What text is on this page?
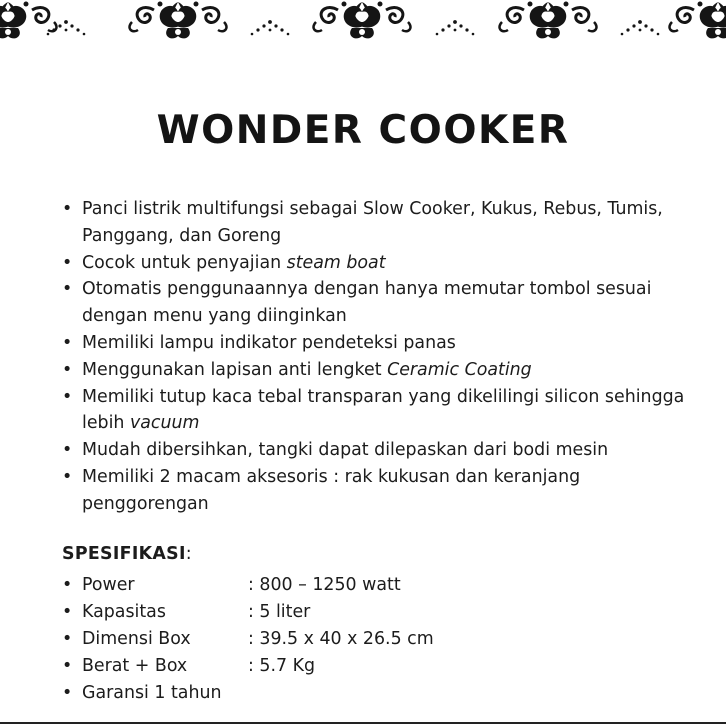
WONDER COOKER
• Panci listrik multifungsi sebagai Slow Cooker, Kukus, Rebus, Tumis, Panggang, dan Goreng
• Cocok untuk penyajian steam boat
• Otomatis penggunaannya dengan hanya memutar tombol sesuai dengan menu yang diinginkan
• Memiliki lampu indikator pendeteksi panas
• Menggunakan lapisan anti lengket Ceramic Coating
• Memiliki tutup kaca tebal transparan yang dikelilingi silicon sehingga lebih vacuum
• Mudah dibersihkan, tangki dapat dilepaskan dari bodi mesin
• Memiliki 2 macam aksesoris : rak kukusan dan keranjang penggorengan
SPESIFIKASI:
• Power	: 800 – 1250 watt
• Kapasitas	: 5 liter
• Dimensi Box	: 39.5 x 40 x 26.5 cm
• Berat + Box	: 5.7 Kg
• Garansi 1 tahun
